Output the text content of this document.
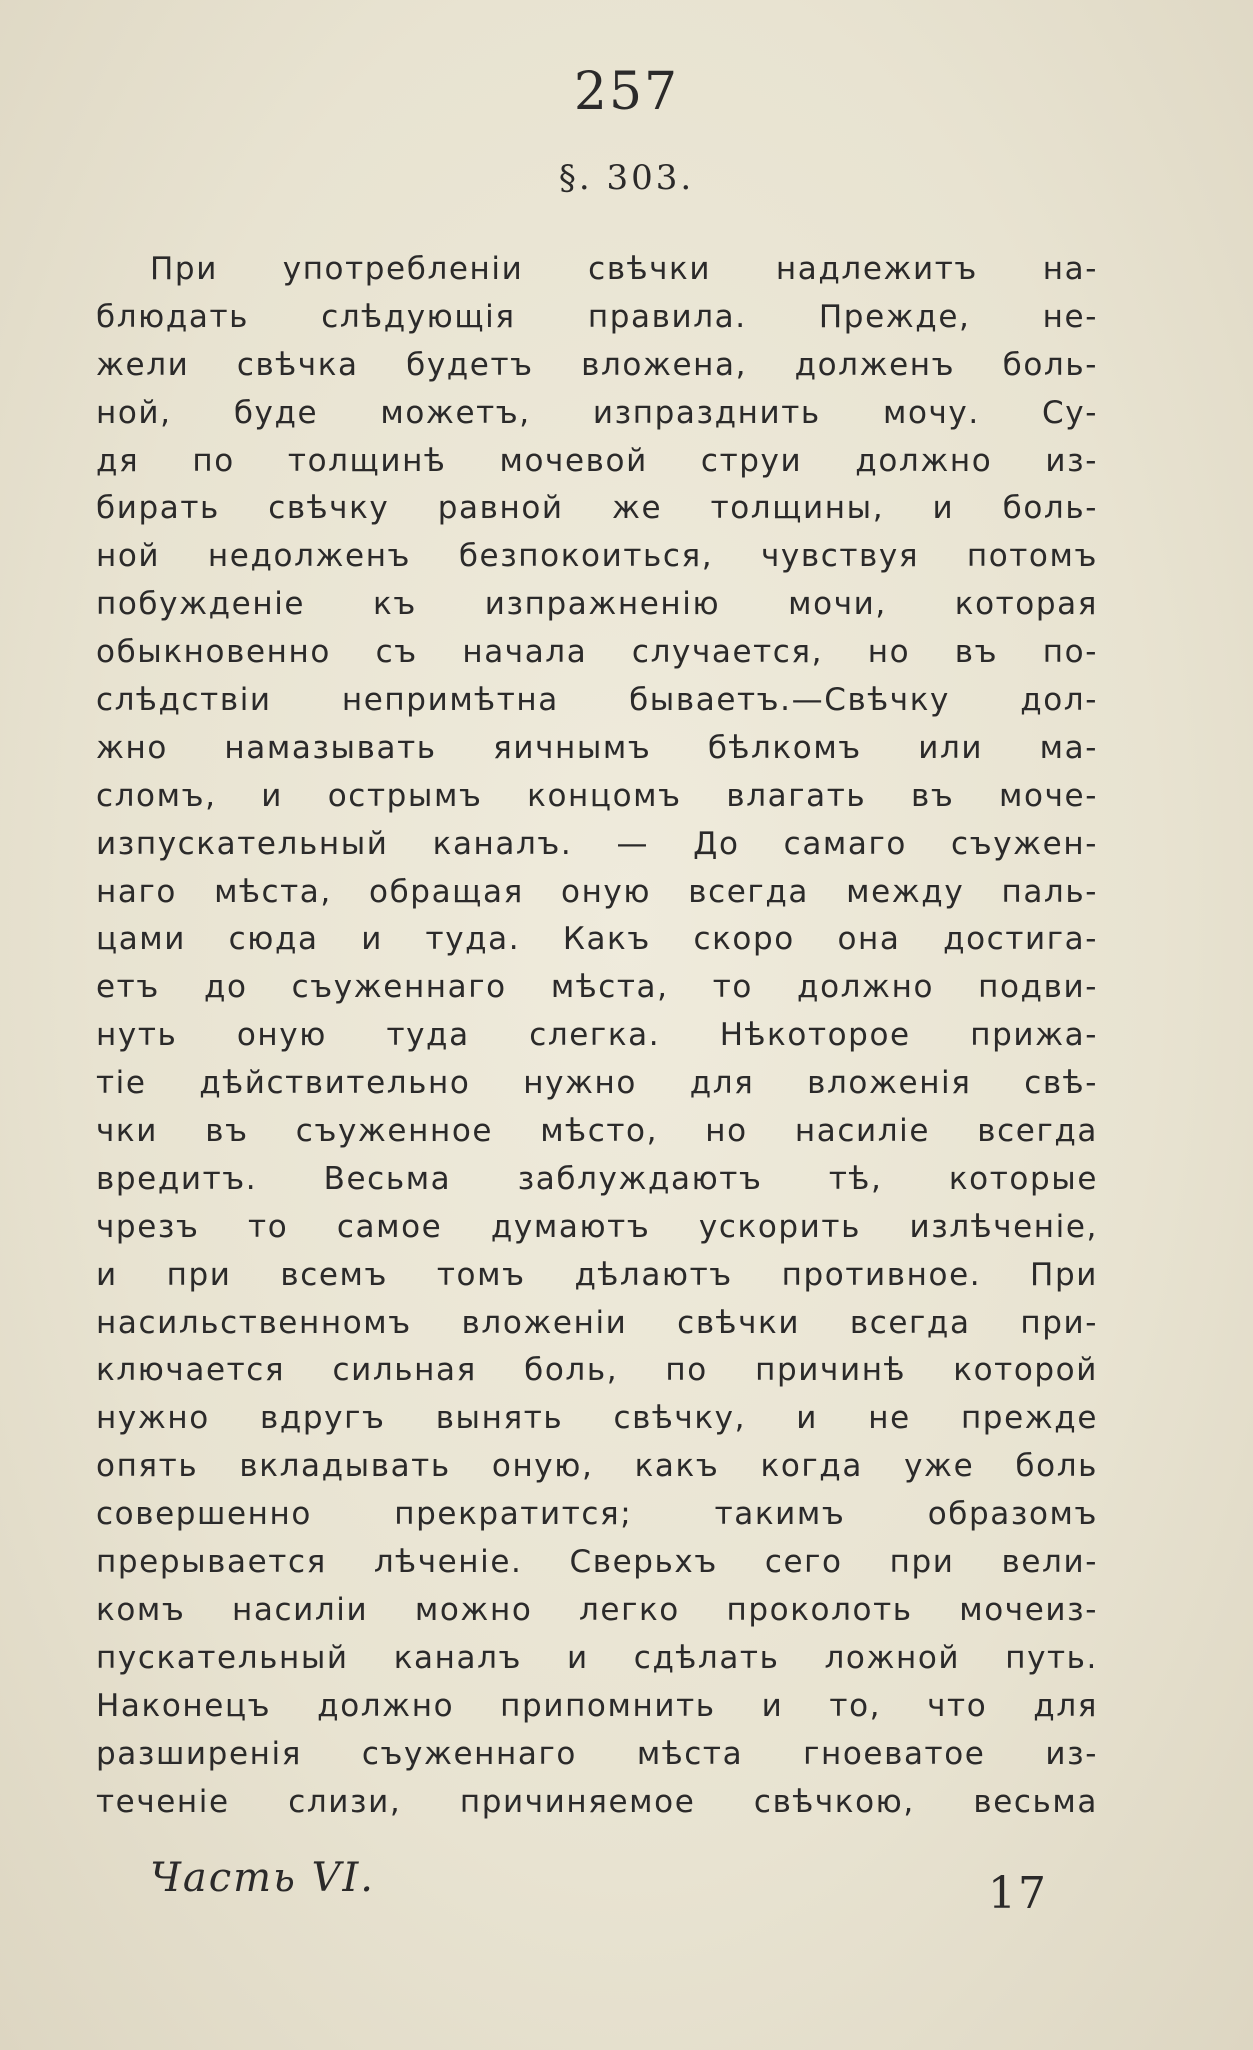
257
§. 303.
При употребленіи свѣчки надлежитъ на-
блюдать слѣдующія правила. Прежде, не-
жели свѣчка будетъ вложена, долженъ боль-
ной, буде можетъ, изпразднить мочу. Су-
дя по толщинѣ мочевой струи должно из-
бирать свѣчку равной же толщины, и боль-
ной недолженъ безпокоиться, чувствуя потомъ
побужденіе къ изпражненію мочи, которая
обыкновенно съ начала случается, но въ по-
слѣдствіи непримѣтна бываетъ.—Свѣчку дол-
жно намазывать яичнымъ бѣлкомъ или ма-
сломъ, и острымъ концомъ влагать въ моче-
изпускательный каналъ. — До самаго съужен-
наго мѣста, обращая оную всегда между паль-
цами сюда и туда. Какъ скоро она достига-
етъ до съуженнаго мѣста, то должно подви-
нуть оную туда слегка. Нѣкоторое прижа-
тіе дѣйствительно нужно для вложенія свѣ-
чки въ съуженное мѣсто, но насиліе всегда
вредитъ. Весьма заблуждаютъ тѣ, которые
чрезъ то самое думаютъ ускорить излѣченіе,
и при всемъ томъ дѣлаютъ противное. При
насильственномъ вложеніи свѣчки всегда при-
ключается сильная боль, по причинѣ которой
нужно вдругъ вынять свѣчку, и не прежде
опять вкладывать оную, какъ когда уже боль
совершенно прекратится; такимъ образомъ
прерывается лѣченіе. Сверьхъ сего при вели-
комъ насиліи можно легко проколоть мочеиз-
пускательный каналъ и сдѣлать ложной путь.
Наконецъ должно припомнить и то, что для
разширенія съуженнаго мѣста гноеватое из-
теченіе слизи, причиняемое свѣчкою, весьма
Часть VI.	17
